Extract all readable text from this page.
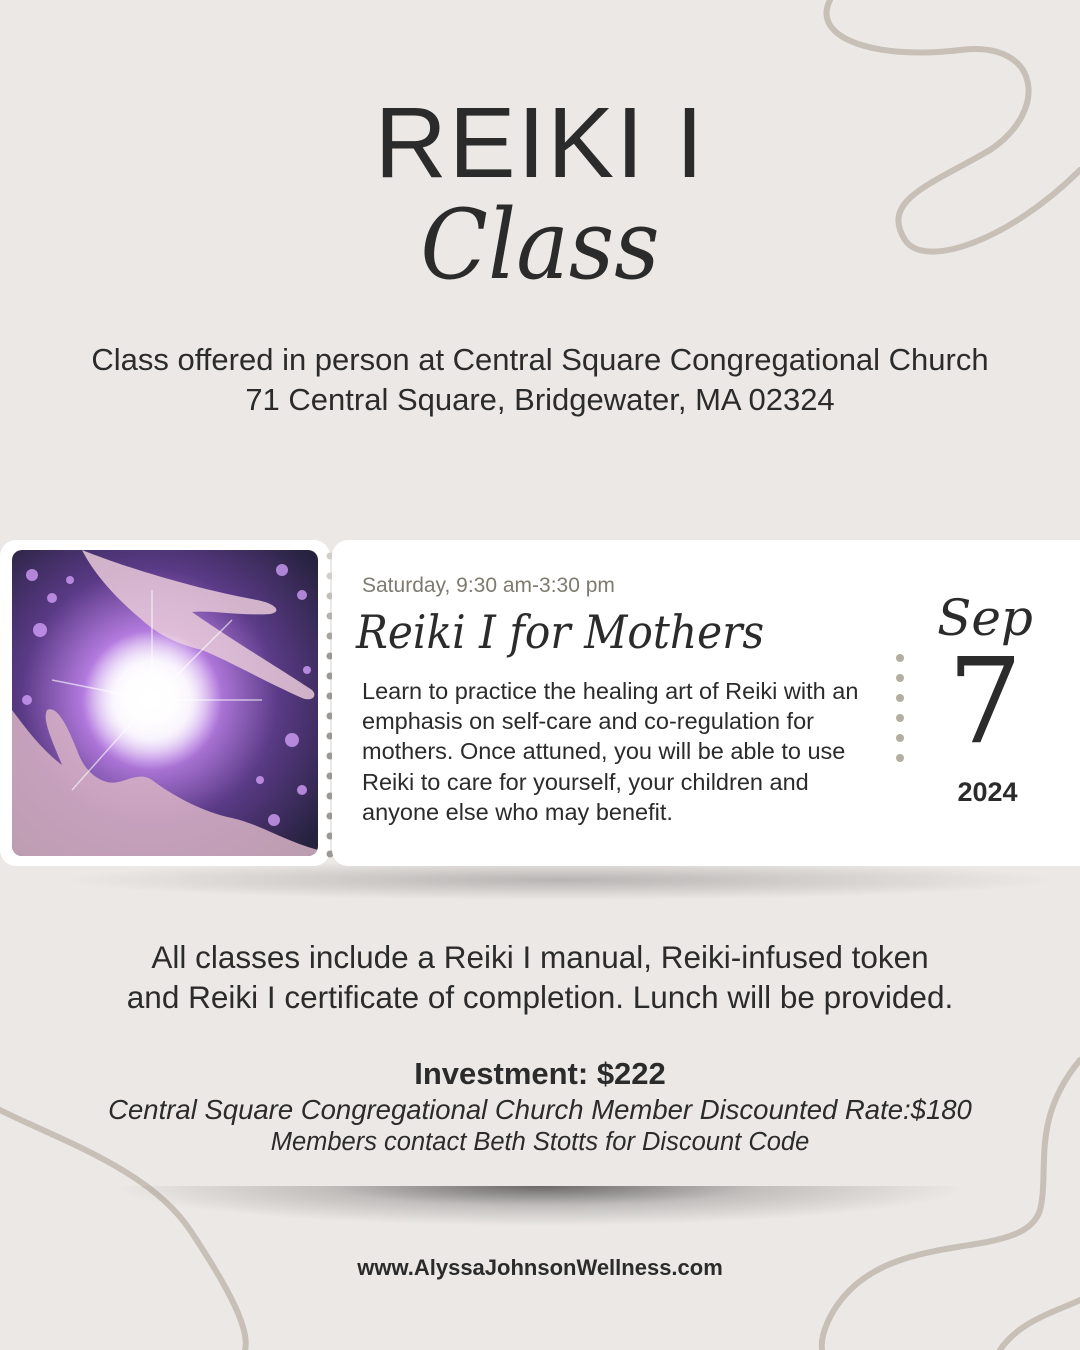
REIKI I
Class
Class offered in person at Central Square Congregational Church
71 Central Square, Bridgewater, MA 02324
Saturday, 9:30 am-3:30 pm
Reiki I for Mothers
Learn to practice the healing art of Reiki with an emphasis on self-care and co-regulation for mothers. Once attuned, you will be able to use Reiki to care for yourself, your children and anyone else who may benefit.
Sep
7
2024
All classes include a Reiki I manual, Reiki-infused token
and Reiki I certificate of completion. Lunch will be provided.
Investment: $222
Central Square Congregational Church Member Discounted Rate:$180
Members contact Beth Stotts for Discount Code
www.AlyssaJohnsonWellness.com
